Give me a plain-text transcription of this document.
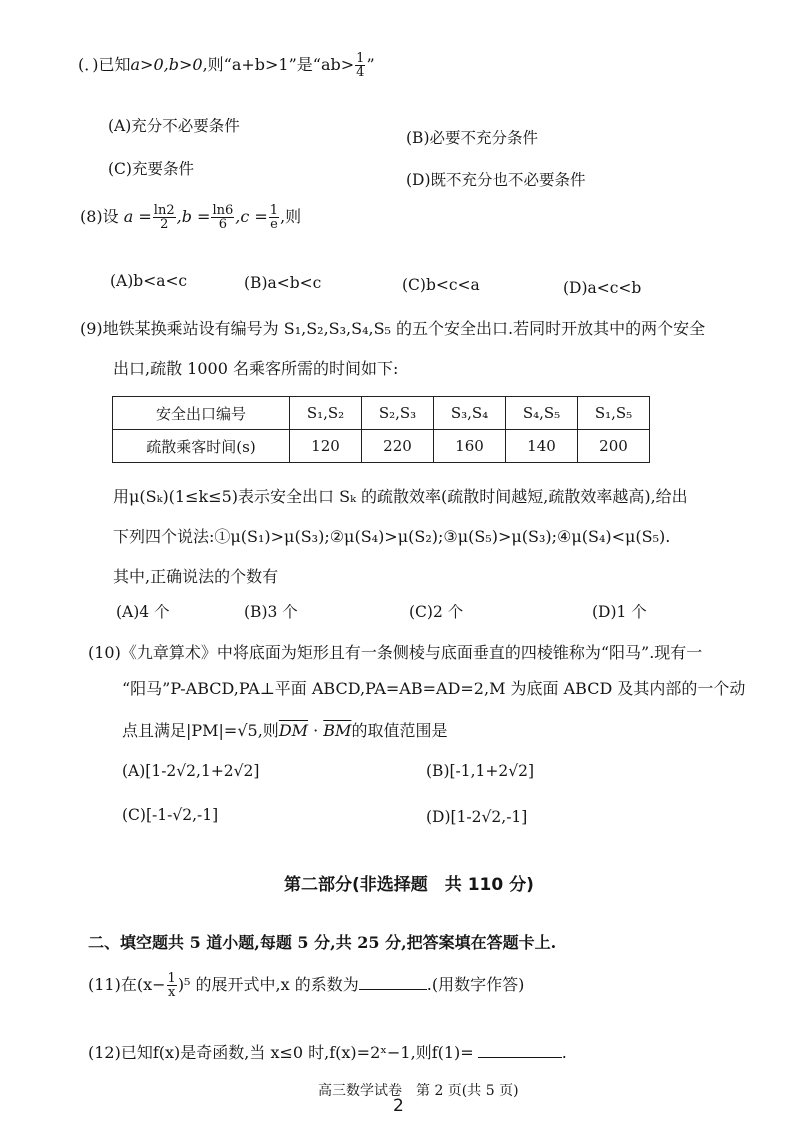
(．)已知a>0,b>0,则“a+b>1”是“$ab> \frac{1}{4}$ ”
(A)充分不必要条件
(B)必要不充分条件
(C)充要条件
(D)既不充分也不必要条件
(8)设 $a = \frac{\ln 2}{2} ,b = \frac{\ln 6}{6} ,c = \frac{1}{e}$ ,则
(A)b<a<c	(B)a<b<c	(C)b<c<a	(D)a<c<b
(9)地铁某换乘站设有编号为 S₁,S₂,S₃,S₄,S₅ 的五个安全出口.若同时开放其中的两个安全
出口,疏散 1000 名乘客所需的时间如下:
安全出口编号	S₁,S₂	S₂,S₃	S₃,S₄	S₄,S₅	S₁,S₅
疏散乘客时间(s)	120	220	160	140	200
用μ(Sₖ)(1≤k≤5)表示安全出口 Sₖ 的疏散效率(疏散时间越短,疏散效率越高),给出
下列四个说法:①μ(S₁)>μ(S₃);②μ(S₄)>μ(S₂);③μ(S₅)>μ(S₃);④μ(S₄)<μ(S₅).
其中,正确说法的个数有
(A)4 个	(B)3 个	(C)2 个	(D)1 个
(10)《九章算术》中将底面为矩形且有一条侧棱与底面垂直的四棱锥称为“阳马”.现有一
“阳马”P-ABCD,PA⊥平面 ABCD,PA=AB=AD=2,M 为底面 ABCD 及其内部的一个动
点且满足|PM|=√5,则$\overline{DM} \cdot \overline{BM}$的取值范围是
(A)[1-2√2,1+2√2]	(B)[-1,1+2√2]
(C)[-1-√2,-1]	(D)[1-2√2,-1]
第二部分(非选择题　共 110 分)
二、填空题共 5 道小题,每题 5 分,共 25 分,把答案填在答题卡上.
(11)在$(x- \frac{1}{x} )^5$ 的展开式中,x 的系数为	.(用数字作答)
(12)已知f(x)是奇函数,当 x≤0 时,f(x)=2ˣ−1,则f(1)=	.
高三数学试卷　第 2 页(共 5 页)
2
